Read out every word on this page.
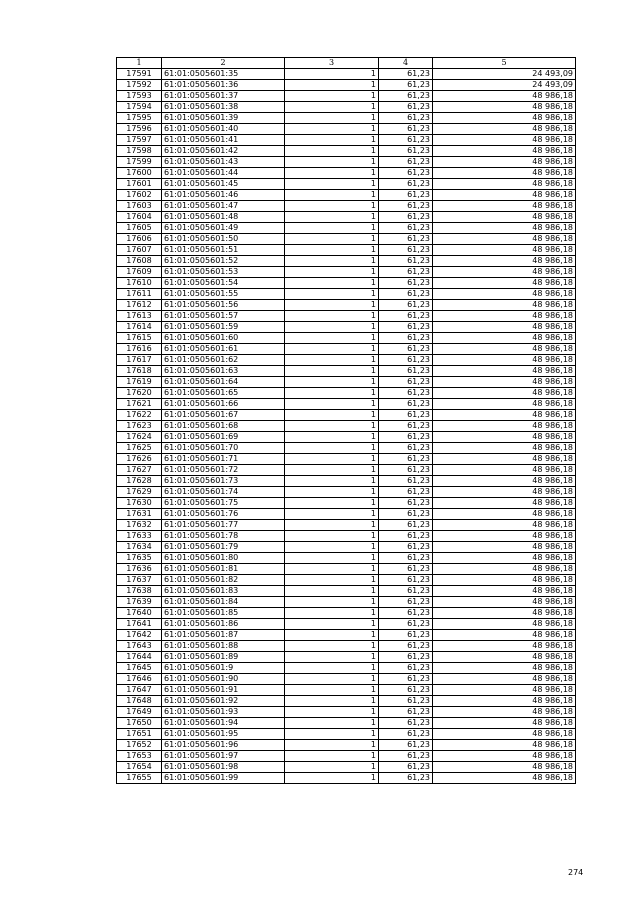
1	2	3	4	5
17591	61:01:0505601:35	1	61,23	24 493,09
17592	61:01:0505601:36	1	61,23	24 493,09
17593	61:01:0505601:37	1	61,23	48 986,18
17594	61:01:0505601:38	1	61,23	48 986,18
17595	61:01:0505601:39	1	61,23	48 986,18
17596	61:01:0505601:40	1	61,23	48 986,18
17597	61:01:0505601:41	1	61,23	48 986,18
17598	61:01:0505601:42	1	61,23	48 986,18
17599	61:01:0505601:43	1	61,23	48 986,18
17600	61:01:0505601:44	1	61,23	48 986,18
17601	61:01:0505601:45	1	61,23	48 986,18
17602	61:01:0505601:46	1	61,23	48 986,18
17603	61:01:0505601:47	1	61,23	48 986,18
17604	61:01:0505601:48	1	61,23	48 986,18
17605	61:01:0505601:49	1	61,23	48 986,18
17606	61:01:0505601:50	1	61,23	48 986,18
17607	61:01:0505601:51	1	61,23	48 986,18
17608	61:01:0505601:52	1	61,23	48 986,18
17609	61:01:0505601:53	1	61,23	48 986,18
17610	61:01:0505601:54	1	61,23	48 986,18
17611	61:01:0505601:55	1	61,23	48 986,18
17612	61:01:0505601:56	1	61,23	48 986,18
17613	61:01:0505601:57	1	61,23	48 986,18
17614	61:01:0505601:59	1	61,23	48 986,18
17615	61:01:0505601:60	1	61,23	48 986,18
17616	61:01:0505601:61	1	61,23	48 986,18
17617	61:01:0505601:62	1	61,23	48 986,18
17618	61:01:0505601:63	1	61,23	48 986,18
17619	61:01:0505601:64	1	61,23	48 986,18
17620	61:01:0505601:65	1	61,23	48 986,18
17621	61:01:0505601:66	1	61,23	48 986,18
17622	61:01:0505601:67	1	61,23	48 986,18
17623	61:01:0505601:68	1	61,23	48 986,18
17624	61:01:0505601:69	1	61,23	48 986,18
17625	61:01:0505601:70	1	61,23	48 986,18
17626	61:01:0505601:71	1	61,23	48 986,18
17627	61:01:0505601:72	1	61,23	48 986,18
17628	61:01:0505601:73	1	61,23	48 986,18
17629	61:01:0505601:74	1	61,23	48 986,18
17630	61:01:0505601:75	1	61,23	48 986,18
17631	61:01:0505601:76	1	61,23	48 986,18
17632	61:01:0505601:77	1	61,23	48 986,18
17633	61:01:0505601:78	1	61,23	48 986,18
17634	61:01:0505601:79	1	61,23	48 986,18
17635	61:01:0505601:80	1	61,23	48 986,18
17636	61:01:0505601:81	1	61,23	48 986,18
17637	61:01:0505601:82	1	61,23	48 986,18
17638	61:01:0505601:83	1	61,23	48 986,18
17639	61:01:0505601:84	1	61,23	48 986,18
17640	61:01:0505601:85	1	61,23	48 986,18
17641	61:01:0505601:86	1	61,23	48 986,18
17642	61:01:0505601:87	1	61,23	48 986,18
17643	61:01:0505601:88	1	61,23	48 986,18
17644	61:01:0505601:89	1	61,23	48 986,18
17645	61:01:0505601:9	1	61,23	48 986,18
17646	61:01:0505601:90	1	61,23	48 986,18
17647	61:01:0505601:91	1	61,23	48 986,18
17648	61:01:0505601:92	1	61,23	48 986,18
17649	61:01:0505601:93	1	61,23	48 986,18
17650	61:01:0505601:94	1	61,23	48 986,18
17651	61:01:0505601:95	1	61,23	48 986,18
17652	61:01:0505601:96	1	61,23	48 986,18
17653	61:01:0505601:97	1	61,23	48 986,18
17654	61:01:0505601:98	1	61,23	48 986,18
17655	61:01:0505601:99	1	61,23	48 986,18
274
